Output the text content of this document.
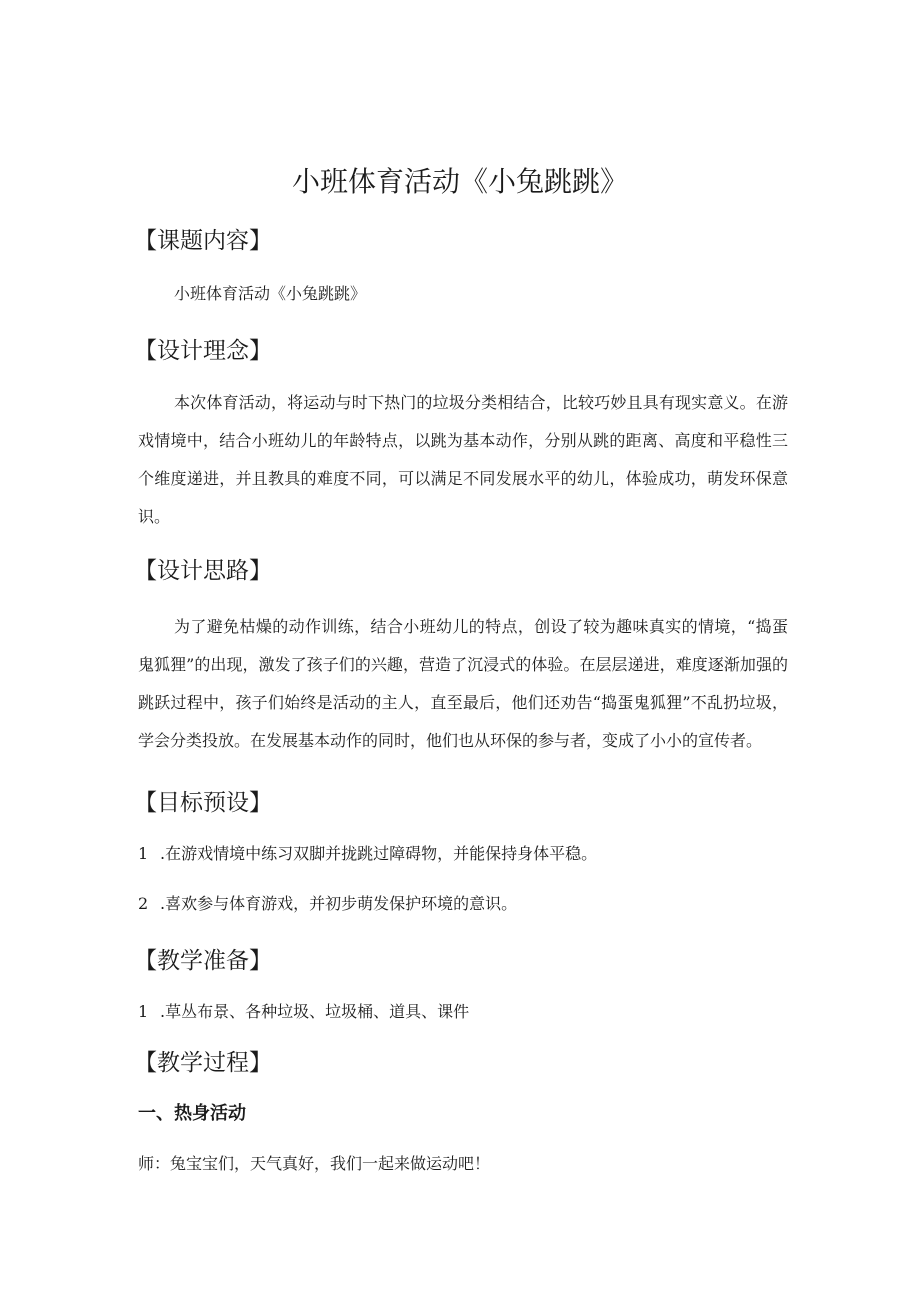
小班体育活动《小兔跳跳》
【课题内容】

小班体育活动《小兔跳跳》

【设计理念】

本次体育活动，将运动与时下热门的垃圾分类相结合，比较巧妙且具有现实意义。在游戏情境中，结合小班幼儿的年龄特点，以跳为基本动作，分别从跳的距离、高度和平稳性三个维度递进，并且教具的难度不同，可以满足不同发展水平的幼儿，体验成功，萌发环保意识。

【设计思路】

为了避免枯燥的动作训练，结合小班幼儿的特点，创设了较为趣味真实的情境，“捣蛋鬼狐狸”的出现，激发了孩子们的兴趣，营造了沉浸式的体验。在层层递进，难度逐渐加强的跳跃过程中，孩子们始终是活动的主人，直至最后，他们还劝告“捣蛋鬼狐狸”不乱扔垃圾，学会分类投放。在发展基本动作的同时，他们也从环保的参与者，变成了小小的宣传者。

【目标预设】

1 .在游戏情境中练习双脚并拢跳过障碍物，并能保持身体平稳。

2 .喜欢参与体育游戏，并初步萌发保护环境的意识。

【教学准备】

1 .草丛布景、各种垃圾、垃圾桶、道具、课件

【教学过程】
一、热身活动

师：兔宝宝们，天气真好，我们一起来做运动吧！
